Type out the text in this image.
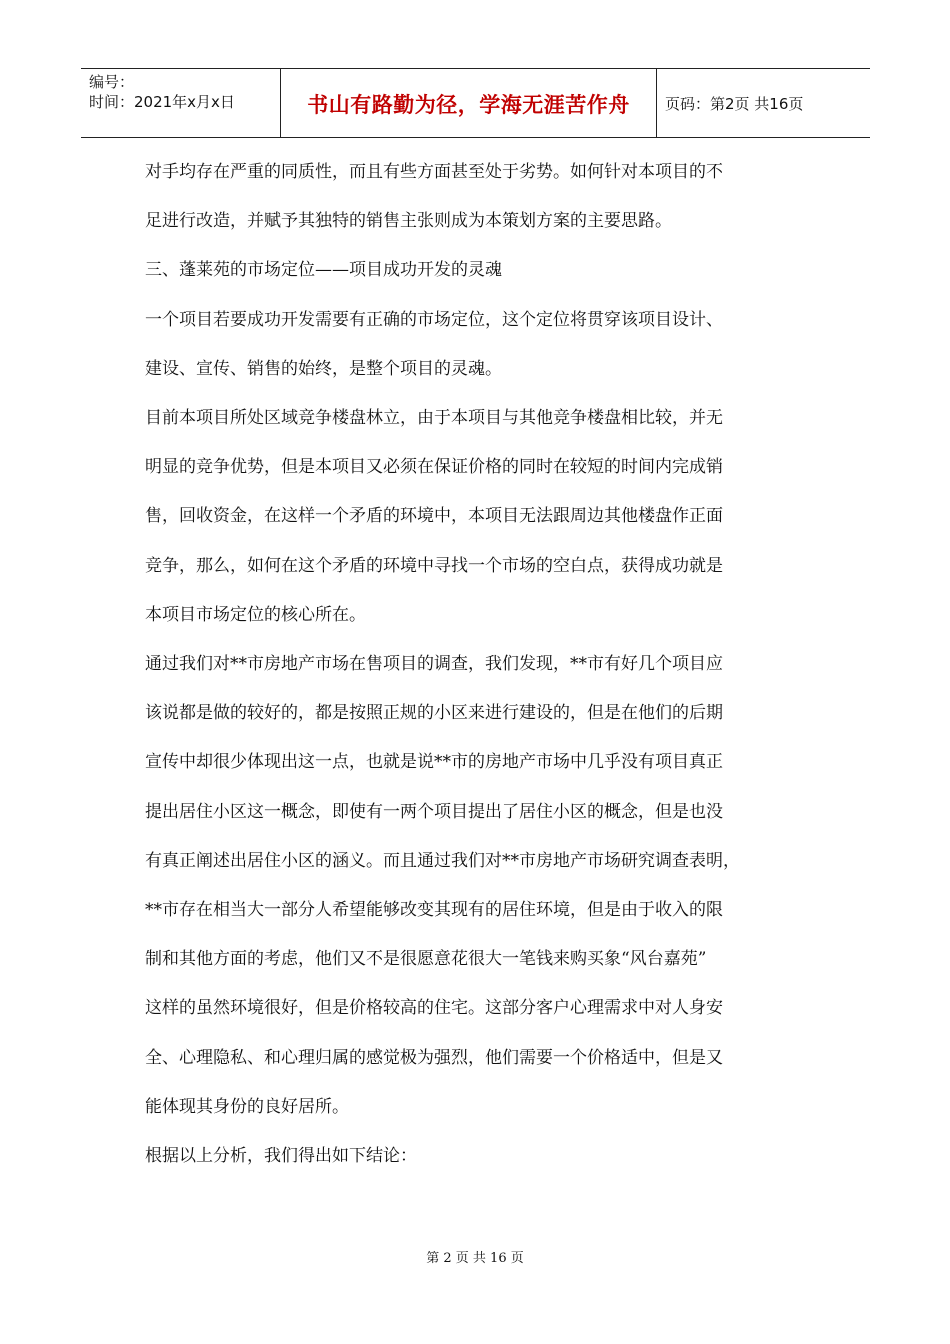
编号：
时间：2021年x月x日	书山有路勤为径，学海无涯苦作舟 页码：第2页 共16页

对手均存在严重的同质性，而且有些方面甚至处于劣势。如何针对本项目的不

足进行改造，并赋予其独特的销售主张则成为本策划方案的主要思路。

三、蓬莱苑的市场定位——项目成功开发的灵魂

一个项目若要成功开发需要有正确的市场定位，这个定位将贯穿该项目设计、

建设、宣传、销售的始终，是整个项目的灵魂。

目前本项目所处区域竞争楼盘林立，由于本项目与其他竞争楼盘相比较，并无

明显的竞争优势，但是本项目又必须在保证价格的同时在较短的时间内完成销

售，回收资金，在这样一个矛盾的环境中，本项目无法跟周边其他楼盘作正面

竞争，那么，如何在这个矛盾的环境中寻找一个市场的空白点，获得成功就是

本项目市场定位的核心所在。

通过我们对**市房地产市场在售项目的调查，我们发现，**市有好几个项目应

该说都是做的较好的，都是按照正规的小区来进行建设的，但是在他们的后期

宣传中却很少体现出这一点，也就是说**市的房地产市场中几乎没有项目真正

提出居住小区这一概念，即使有一两个项目提出了居住小区的概念，但是也没

有真正阐述出居住小区的涵义。而且通过我们对**市房地产市场研究调查表明，

**市存在相当大一部分人希望能够改变其现有的居住环境，但是由于收入的限

制和其他方面的考虑，他们又不是很愿意花很大一笔钱来购买象“风台嘉苑”

这样的虽然环境很好，但是价格较高的住宅。这部分客户心理需求中对人身安

全、心理隐私、和心理归属的感觉极为强烈，他们需要一个价格适中，但是又

能体现其身份的良好居所。

根据以上分析，我们得出如下结论：

第 2 页 共 16 页
